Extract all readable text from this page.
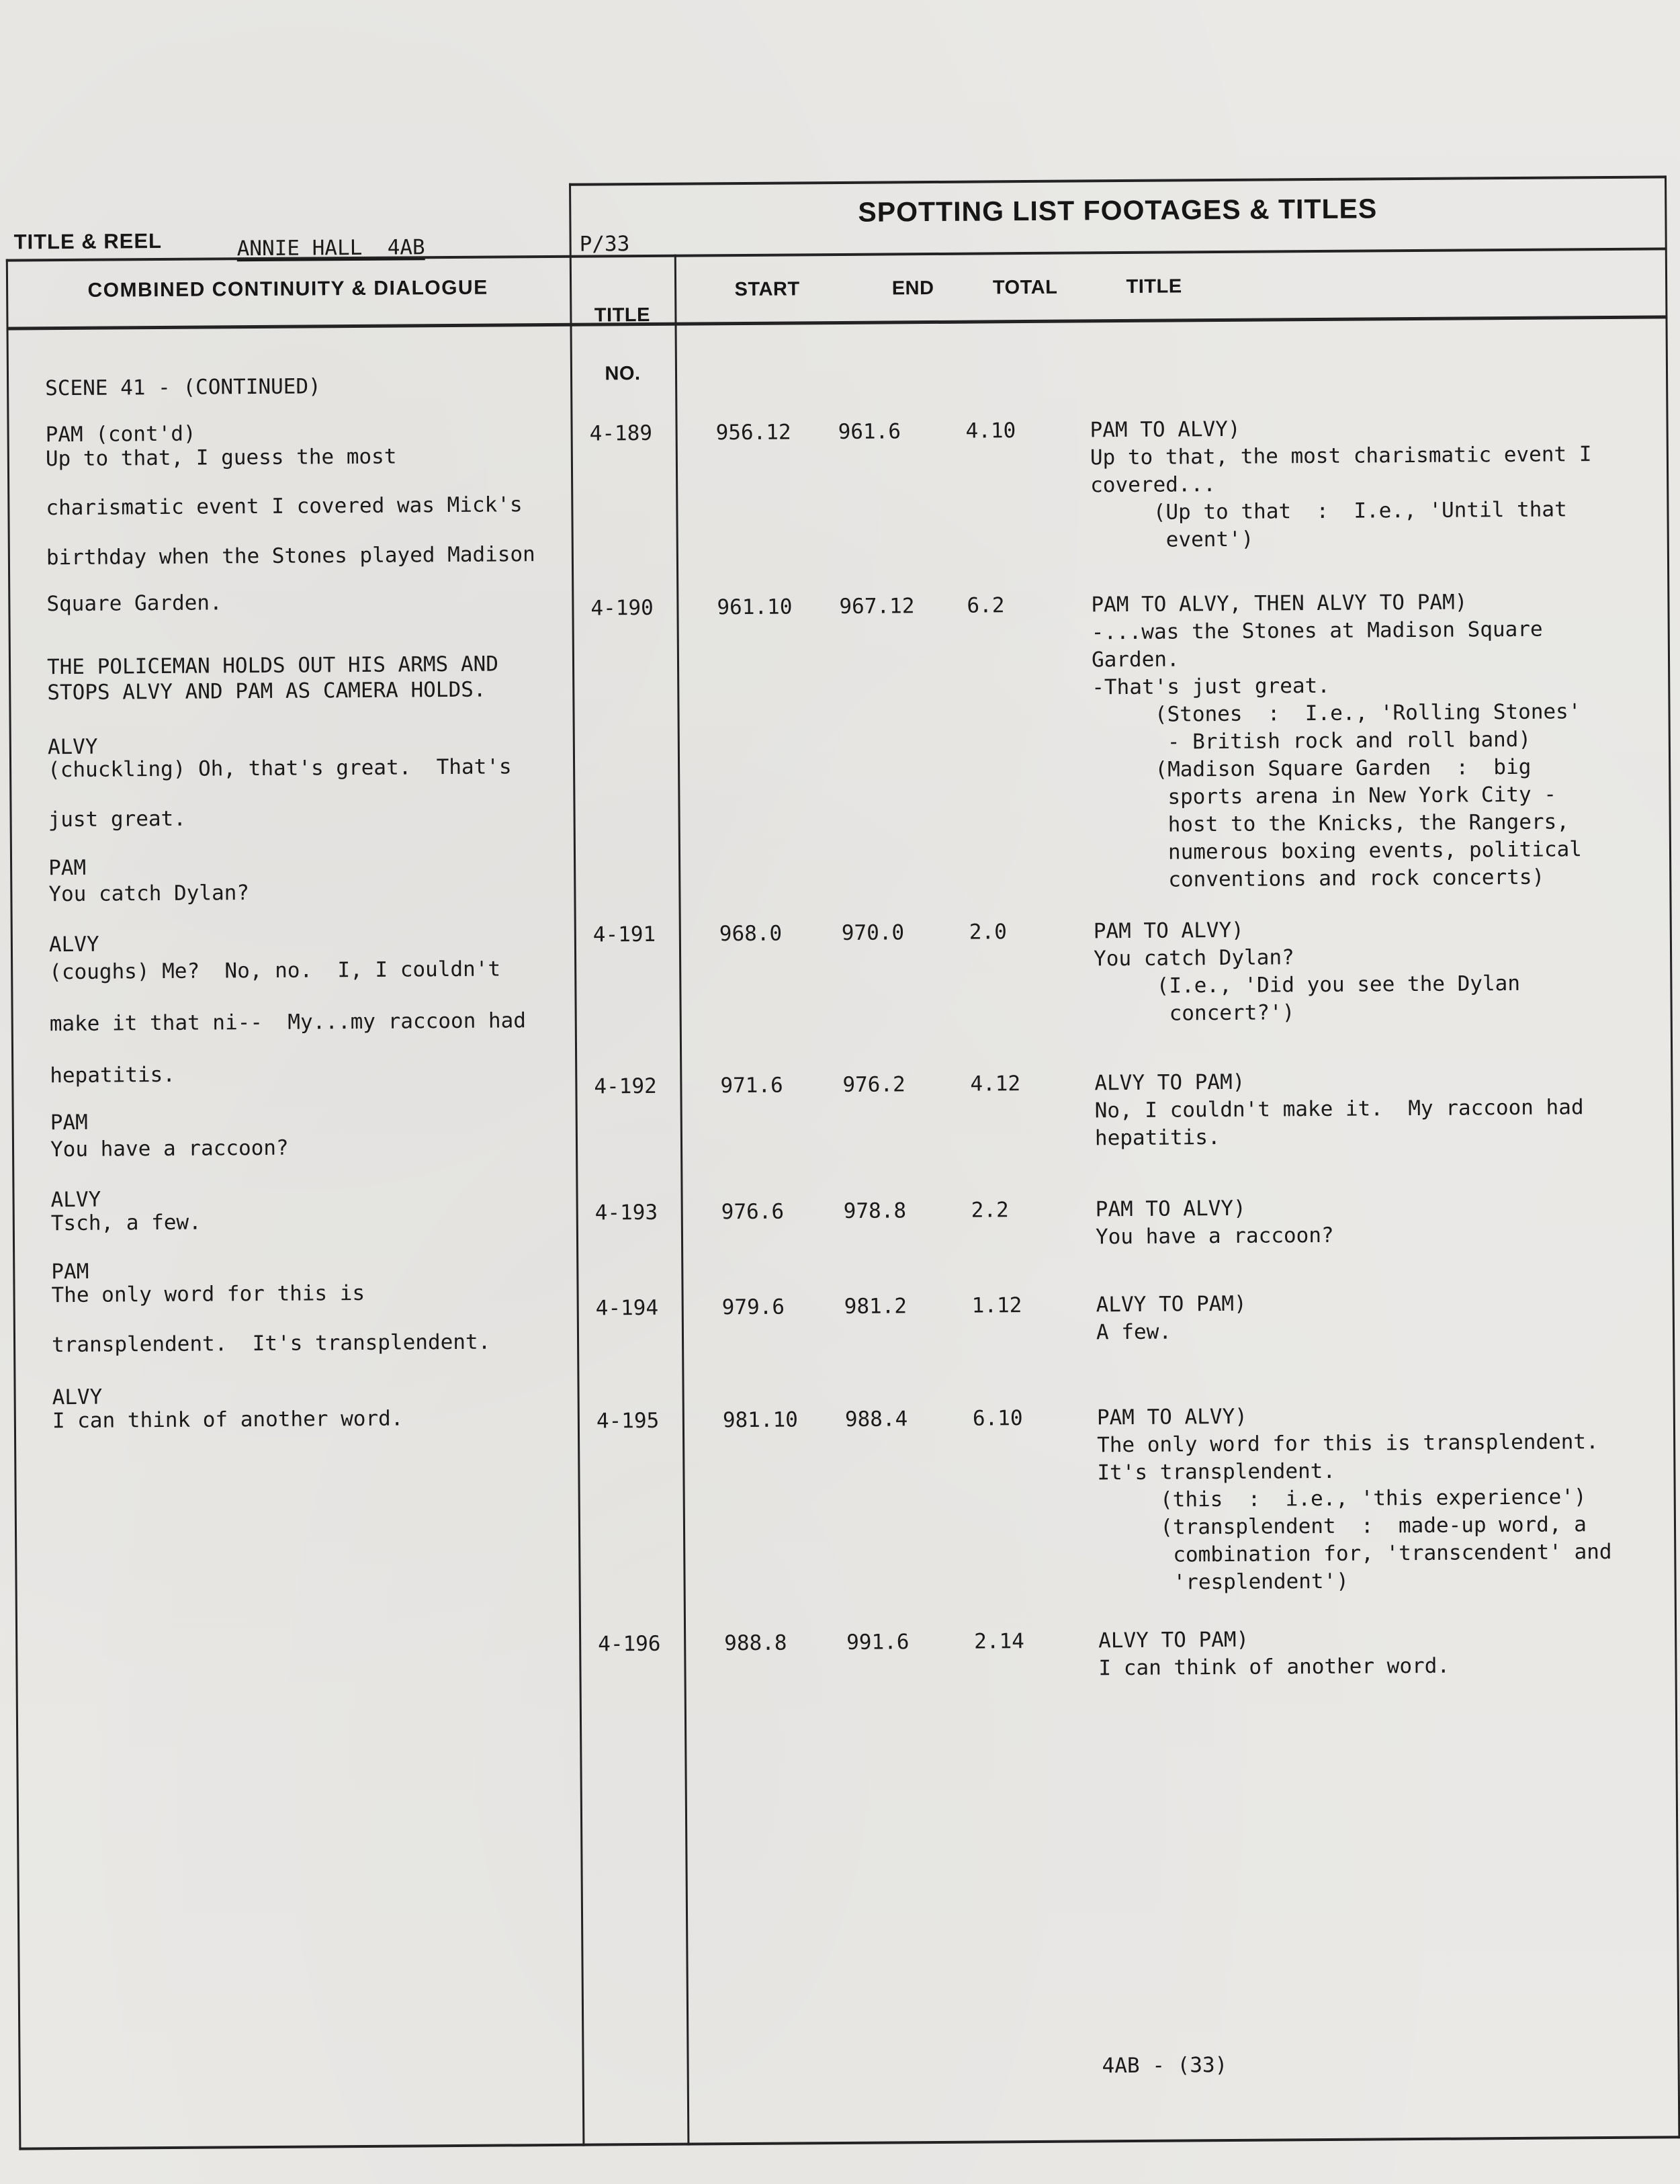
TITLE & REEL	ANNIE HALL  4AB	P/33
SPOTTING LIST FOOTAGES & TITLES
COMBINED CONTINUITY & DIALOGUE

TITLE

NO.

START	END	TOTAL	TITLE
SCENE 41 - (CONTINUED)
PAM (cont'd)
Up to that, I guess the most
charismatic event I covered was Mick's
birthday when the Stones played Madison
Square Garden.
THE POLICEMAN HOLDS OUT HIS ARMS AND
STOPS ALVY AND PAM AS CAMERA HOLDS.
ALVY
(chuckling) Oh, that's great.  That's
just great.
PAM
You catch Dylan?
ALVY
(coughs) Me?  No, no.  I, I couldn't
make it that ni--  My...my raccoon had
hepatitis.
PAM
You have a raccoon?
ALVY
Tsch, a few.
PAM
The only word for this is
transplendent.  It's transplendent.
ALVY
I can think of another word.
4-189	956.12 961.6	4.10	PAM TO ALVY)
Up to that, the most charismatic event I
covered...
(Up to that  :  I.e., 'Until that
event')
4-190	961.10 967.12	6.2	PAM TO ALVY, THEN ALVY TO PAM)
-...was the Stones at Madison Square
Garden.
-That's just great.
(Stones  :  I.e., 'Rolling Stones'
- British rock and roll band)
(Madison Square Garden  :  big
sports arena in New York City -
host to the Knicks, the Rangers,
numerous boxing events, political
conventions and rock concerts)
4-191	968.0	970.0	2.0	PAM TO ALVY)
You catch Dylan?
(I.e., 'Did you see the Dylan
concert?')
4-192	971.6	976.2	4.12	ALVY TO PAM)
No, I couldn't make it.  My raccoon had
hepatitis.
4-193	976.6	978.8	2.2	PAM TO ALVY)
You have a raccoon?
4-194	979.6	981.2	1.12	ALVY TO PAM)
A few.
4-195	981.10 988.4	6.10	PAM TO ALVY)
The only word for this is transplendent.
It's transplendent.
(this  :  i.e., 'this experience')
(transplendent  :  made-up word, a
combination for, 'transcendent' and
'resplendent')
4-196	988.8	991.6	2.14	ALVY TO PAM)
I can think of another word.
4AB - (33)
